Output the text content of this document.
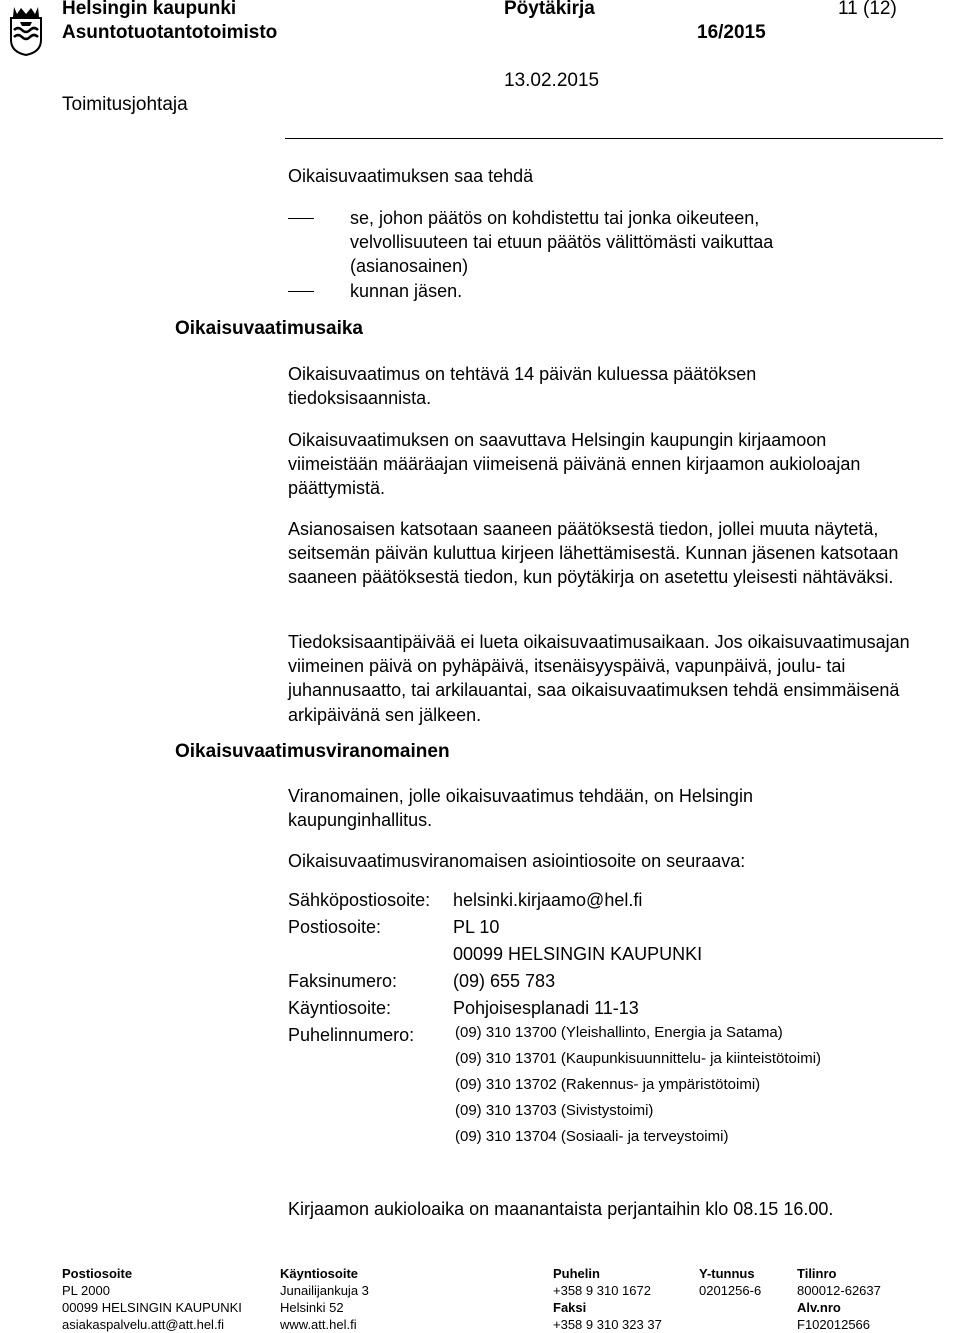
Helsingin kaupunki
Asuntotuotantotoimisto
Toimitusjohtaja
Pöytäkirja
16/2015
11 (12)
13.02.2015
Oikaisuvaatimuksen saa tehdä
se, johon päätös on kohdistettu tai jonka oikeuteen, velvollisuuteen tai etuun päätös välittömästi vaikuttaa (asianosainen)
kunnan jäsen.
Oikaisuvaatimusaika
Oikaisuvaatimus on tehtävä 14 päivän kuluessa päätöksen tiedoksisaannista.
Oikaisuvaatimuksen on saavuttava Helsingin kaupungin kirjaamoon viimeistään määräajan viimeisenä päivänä ennen kirjaamon aukioloajan päättymistä.
Asianosaisen katsotaan saaneen päätöksestä tiedon, jollei muuta näytetä, seitsemän päivän kuluttua kirjeen lähettämisestä. Kunnan jäsenen katsotaan saaneen päätöksestä tiedon, kun pöytäkirja on asetettu yleisesti nähtäväksi.
Tiedoksisaantipäivää ei lueta oikaisuvaatimusaikaan. Jos oikaisuvaatimusajan viimeinen päivä on pyhäpäivä, itsenäisyyspäivä, vapunpäivä, joulu- tai juhannusaatto, tai arkilauantai, saa oikaisuvaatimuksen tehdä ensimmäisenä arkipäivänä sen jälkeen.
Oikaisuvaatimusviranomainen
Viranomainen, jolle oikaisuvaatimus tehdään, on Helsingin kaupunginhallitus.
Oikaisuvaatimusviranomaisen asiointiosoite on seuraava:
Sähköpostiosoite: helsinki.kirjaamo@hel.fi
Postiosoite:	PL 10
00099 HELSINGIN KAUPUNKI
Faksinumero:	(09) 655 783
Käyntiosoite:	Pohjoisesplanadi 11-13
Puhelinnumero:	(09) 310 13700 (Yleishallinto, Energia ja Satama)
(09) 310 13701 (Kaupunkisuunnittelu- ja kiinteistötoimi)
(09) 310 13702 (Rakennus- ja ympäristötoimi)
(09) 310 13703 (Sivistystoimi)
(09) 310 13704 (Sosiaali- ja terveystoimi)
Kirjaamon aukioloaika on maanantaista perjantaihin klo 08.15 16.00.
Postiosoite
PL 2000
00099 HELSINGIN KAUPUNKI
asiakaspalvelu.att@att.hel.fi
Käyntiosoite
Junailijankuja 3
Helsinki 52
www.att.hel.fi
Puhelin
+358 9 310 1672
Faksi
+358 9 310 323 37
Y-tunnus
0201256-6
Tilinro
800012-62637
Alv.nro
F102012566
